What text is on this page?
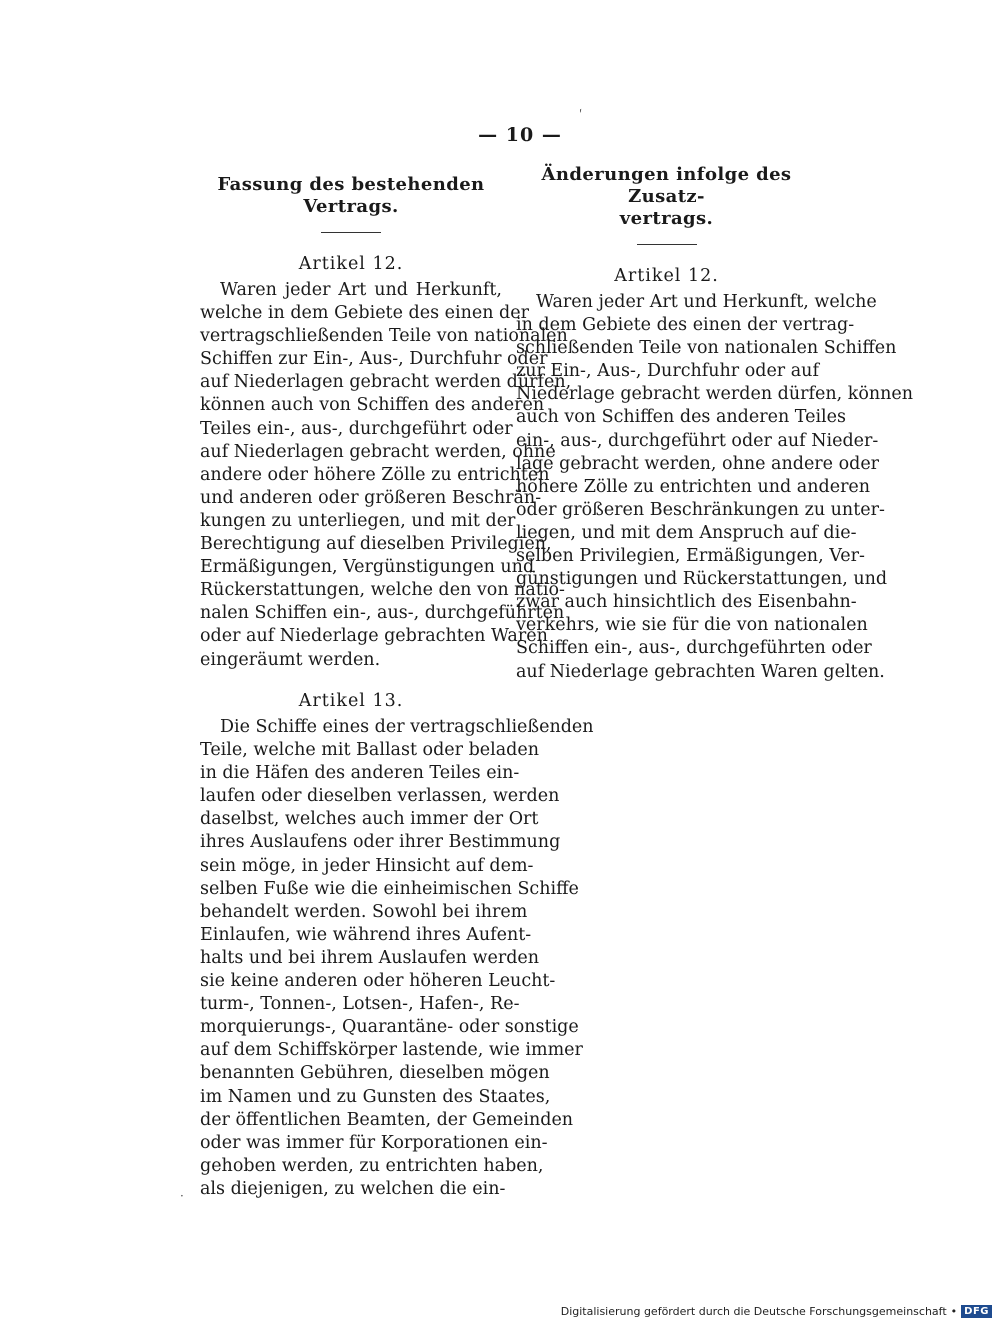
ˊ
— 10 —
Fassung des bestehenden Vertrags.
Artikel 12.
Waren jeder Art und Herkunft,
welche in dem Gebiete des einen der
vertragschließenden Teile von nationalen
Schiffen zur Ein-, Aus-, Durchfuhr oder
auf Niederlagen gebracht werden dürfen,
können auch von Schiffen des anderen
Teiles ein-, aus-, durchgeführt oder
auf Niederlagen gebracht werden, ohne
andere oder höhere Zölle zu entrichten
und anderen oder größeren Beschrän-
kungen zu unterliegen, und mit der
Berechtigung auf dieselben Privilegien,
Ermäßigungen, Vergünstigungen und
Rückerstattungen, welche den von natio-
nalen Schiffen ein-, aus-, durchgeführten
oder auf Niederlage gebrachten Waren
eingeräumt werden.
Artikel 13.
Die Schiffe eines der vertragschließenden
Teile, welche mit Ballast oder beladen
in die Häfen des anderen Teiles ein-
laufen oder dieselben verlassen, werden
daselbst, welches auch immer der Ort
ihres Auslaufens oder ihrer Bestimmung
sein möge, in jeder Hinsicht auf dem-
selben Fuße wie die einheimischen Schiffe
behandelt werden. Sowohl bei ihrem
Einlaufen, wie während ihres Aufent-
halts und bei ihrem Auslaufen werden
sie keine anderen oder höheren Leucht-
turm-, Tonnen-, Lotsen-, Hafen-, Re-
morquierungs-, Quarantäne- oder sonstige
auf dem Schiffskörper lastende, wie immer
benannten Gebühren, dieselben mögen
im Namen und zu Gunsten des Staates,
der öffentlichen Beamten, der Gemeinden
oder was immer für Korporationen ein-
gehoben werden, zu entrichten haben,
als diejenigen, zu welchen die ein-
Änderungen infolge des Zusatz-
vertrags.
Artikel 12.
Waren jeder Art und Herkunft, welche
in dem Gebiete des einen der vertrag-
schließenden Teile von nationalen Schiffen
zur Ein-, Aus-, Durchfuhr oder auf
Niederlage gebracht werden dürfen, können
auch von Schiffen des anderen Teiles
ein-, aus-, durchgeführt oder auf Nieder-
lage gebracht werden, ohne andere oder
höhere Zölle zu entrichten und anderen
oder größeren Beschränkungen zu unter-
liegen, und mit dem Anspruch auf die-
selben Privilegien, Ermäßigungen, Ver-
günstigungen und Rückerstattungen, und
zwar auch hinsichtlich des Eisenbahn-
verkehrs, wie sie für die von nationalen
Schiffen ein-, aus-, durchgeführten oder
auf Niederlage gebrachten Waren gelten.
·
Digitalisierung gefördert durch die Deutsche Forschungsgemeinschaft • DFG
